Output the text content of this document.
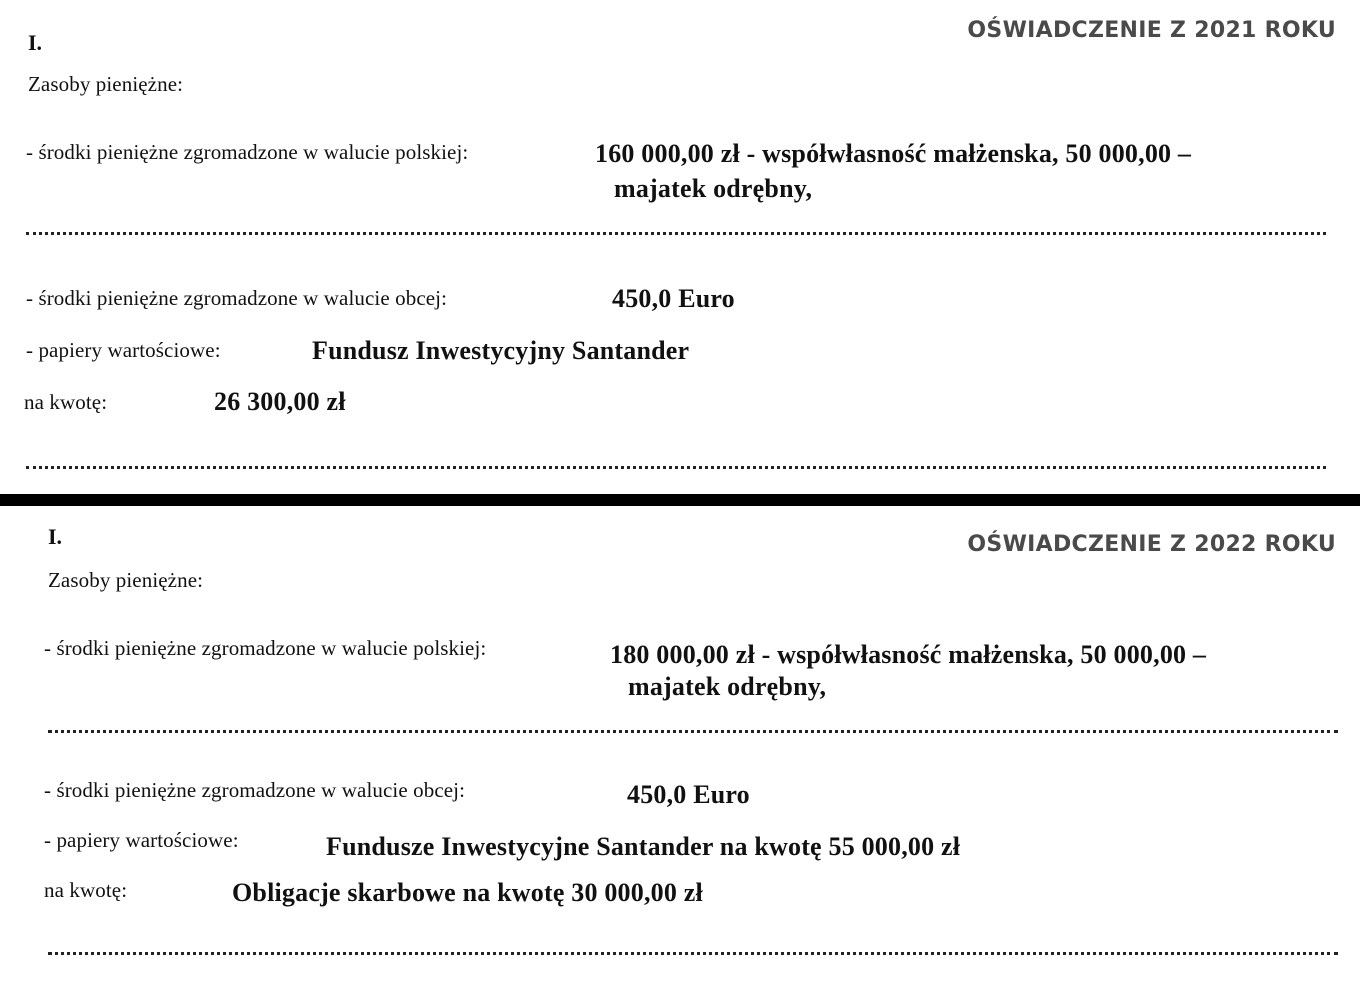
OŚWIADCZENIE Z 2021 ROKU
I.
Zasoby pieniężne:
- środki pieniężne zgromadzone w walucie polskiej:	160 000,00 zł - współwłasność małżenska, 50 000,00 –
majatek odrębny,
- środki pieniężne zgromadzone w walucie obcej:	450,0 Euro
- papiery wartościowe:	Fundusz Inwestycyjny Santander
na kwotę:	26 300,00 zł
OŚWIADCZENIE Z 2022 ROKU
I.
Zasoby pieniężne:
- środki pieniężne zgromadzone w walucie polskiej:	180 000,00 zł - współwłasność małżenska, 50 000,00 –
majatek odrębny,
- środki pieniężne zgromadzone w walucie obcej:	450,0 Euro
- papiery wartościowe:	Fundusze Inwestycyjne Santander na kwotę 55 000,00 zł
na kwotę:	Obligacje skarbowe na kwotę 30 000,00 zł
